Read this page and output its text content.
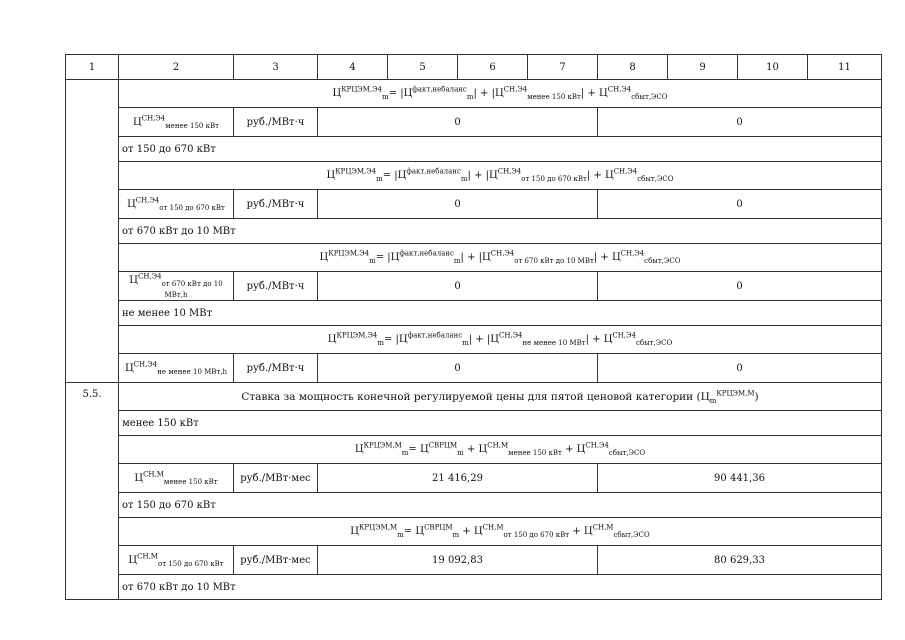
1	2	3	4	5	6	7	8	9	10	11
	$Ц^{КРЦЭМ,Э4}_m= |Ц^{факт,небаланс}_m| + |Ц^{СН,Э4}_{менее 150 кВт}| + Ц^{СН,Э4}_{сбыт,ЭСО}$
	$Ц^{СН,Э4}_{менее 150 кВт}$	руб./МВт·ч	0				0			
	от 150 до 670 кВт									
	$Ц^{КРЦЭМ,Э4}_m= |Ц^{факт,небаланс}_m| + |Ц^{СН,Э4}_{от 150 до 670 кВт}| + Ц^{СН,Э4}_{сбыт,ЭСО}$
	$Ц^{СН,Э4}_{от 150 до 670 кВт}$	руб./МВт·ч	0				0			
	от 670 кВт до 10 МВт									
	$Ц^{КРЦЭМ,Э4}_m= |Ц^{факт,небаланс}_m| + |Ц^{СН,Э4}_{от 670 кВт до 10 МВт}| + Ц^{СН,Э4}_{сбыт,ЭСО}$
	$Ц^{СН,Э4}_{от 670 кВт до 10 МВт,h}$	руб./МВт·ч	0				0			
	не менее 10 МВт									
	$Ц^{КРЦЭМ,Э4}_m= |Ц^{факт,небаланс}_m| + |Ц^{СН,Э4}_{не менее 10 МВт}| + Ц^{СН,Э4}_{сбыт,ЭСО}$
	$Ц^{СН,Э4}_{не менее 10 МВт,h}$	руб./МВт·ч	0				0			
5.5.	Ставка за мощность конечной регулируемой цены для пятой ценовой категории $(Ц_m^{КРЦЭМ,М})$									
	менее 150 кВт									
	$Ц^{КРЦЭМ,М}_m= Ц^{СВРЦМ}_m + Ц^{СН,М}_{менее 150 кВт} + Ц^{СН,Э4}_{сбыт,ЭСО}$
	$Ц^{СН,М}_{менее 150 кВт}$	руб./МВт·мес	21 416,29				90 441,36			
	от 150 до 670 кВт									
	$Ц^{КРЦЭМ,М}_m= Ц^{СВРЦМ}_m + Ц^{СН,М}_{от 150 до 670 кВт} + Ц^{СН,М}_{сбыт,ЭСО}$
	$Ц^{СН,М}_{от 150 до 670 кВт}$	руб./МВт·мес	19 092,83				80 629,33			
	от 670 кВт до 10 МВт									
